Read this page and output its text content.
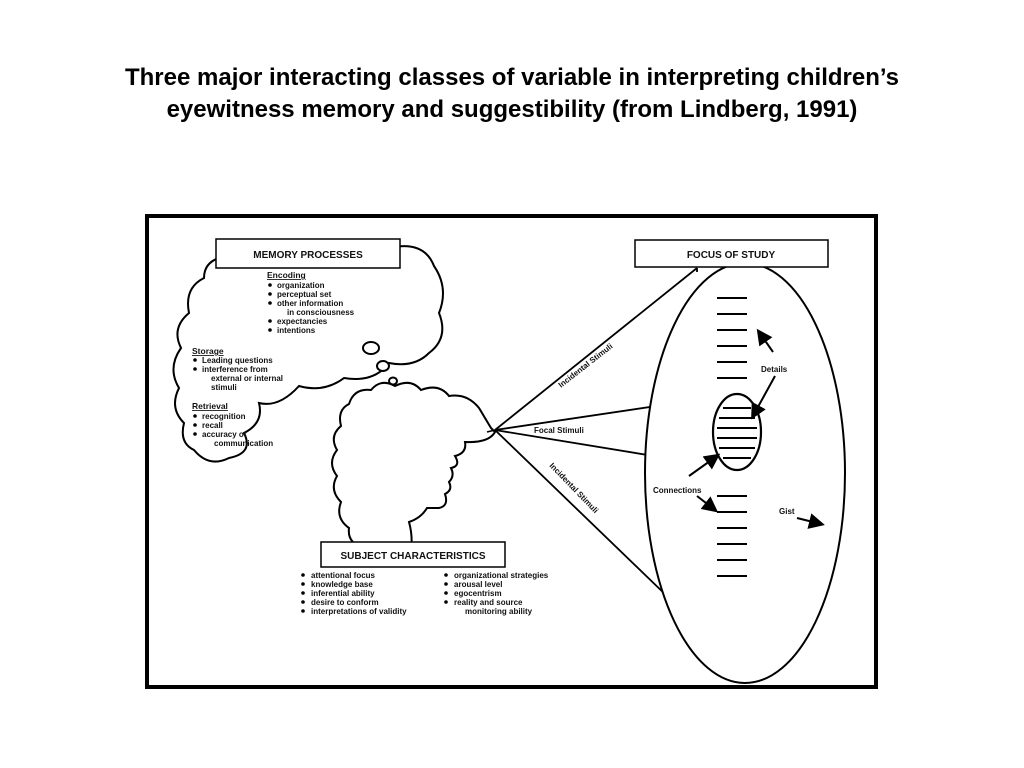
Three major interacting classes of variable in interpreting children’s
eyewitness memory and suggestibility (from Lindberg, 1991)
MEMORY PROCESSES
Encoding
organization
perceptual set
other information
in consciousness
expectancies
intentions
Storage
Leading questions
interference from
external or internal
stimuli
Retrieval
recognition
recall
accuracy of
communication
Incidental Stimuli
Focal Stimuli
Incidental Stimuli
FOCUS OF STUDY
Details
Connections
Gist
SUBJECT CHARACTERISTICS
attentional focus
knowledge base
inferential ability
desire to conform
interpretations of validity
organizational strategies
arousal level
egocentrism
reality and source
monitoring ability
